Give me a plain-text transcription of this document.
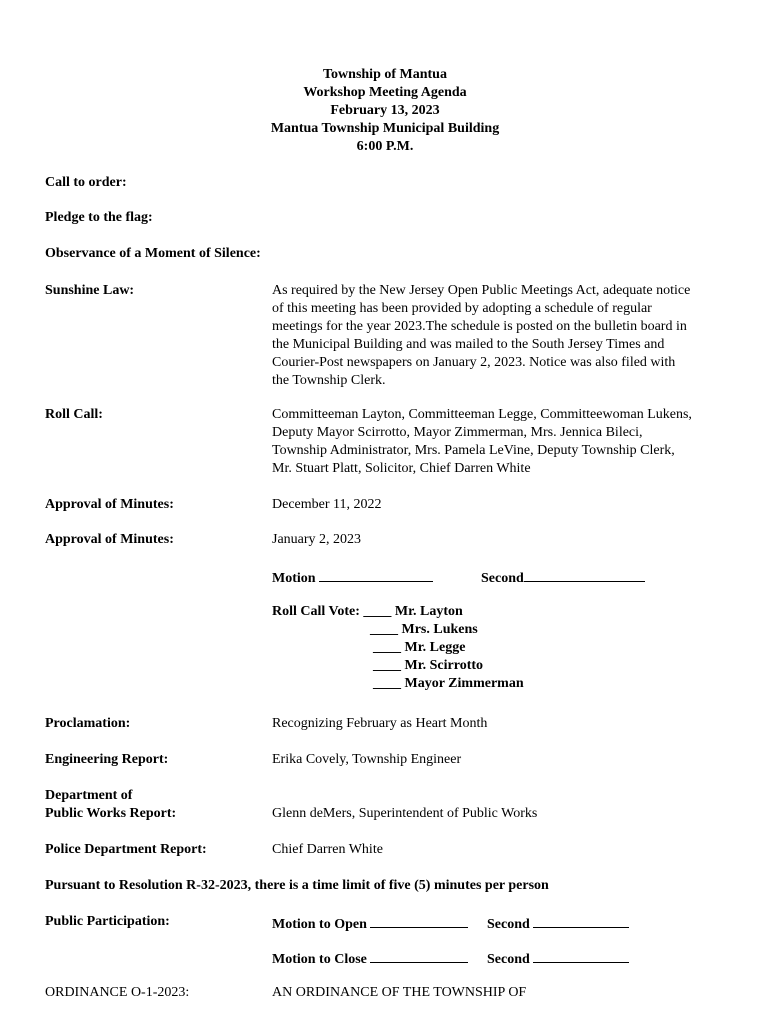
Township of Mantua
Workshop Meeting Agenda
February 13, 2023
Mantua Township Municipal Building
6:00 P.M.
Call to order:
Pledge to the flag:
Observance of a Moment of Silence:
Sunshine Law:	As required by the New Jersey Open Public Meetings Act, adequate notice
of this meeting has been provided by adopting a schedule of regular
meetings for the year 2023.The schedule is posted on the bulletin board in
the Municipal Building and was mailed to the South Jersey Times and
Courier-Post newspapers on January 2, 2023. Notice was also filed with
the Township Clerk.
Roll Call:	Committeeman Layton, Committeeman Legge, Committeewoman Lukens,
Deputy Mayor Scirrotto, Mayor Zimmerman, Mrs. Jennica Bileci,
Township Administrator, Mrs. Pamela LeVine, Deputy Township Clerk,
Mr. Stuart Platt, Solicitor, Chief Darren White
Approval of Minutes:	December 11, 2022
Approval of Minutes:	January 2, 2023
Motion	Second
Roll Call Vote: ____ Mr. Layton
____ Mrs. Lukens
____ Mr. Legge
____ Mr. Scirrotto
____ Mayor Zimmerman
Proclamation:	Recognizing February as Heart Month
Engineering Report:	Erika Covely, Township Engineer
Department of
Public Works Report:	Glenn deMers, Superintendent of Public Works
Police Department Report:	Chief Darren White
Pursuant to Resolution R-32-2023, there is a time limit of five (5) minutes per person
Public Participation:	Motion to Open	Second
Motion to Close	Second
ORDINANCE O-1-2023:	AN ORDINANCE OF THE TOWNSHIP OF
